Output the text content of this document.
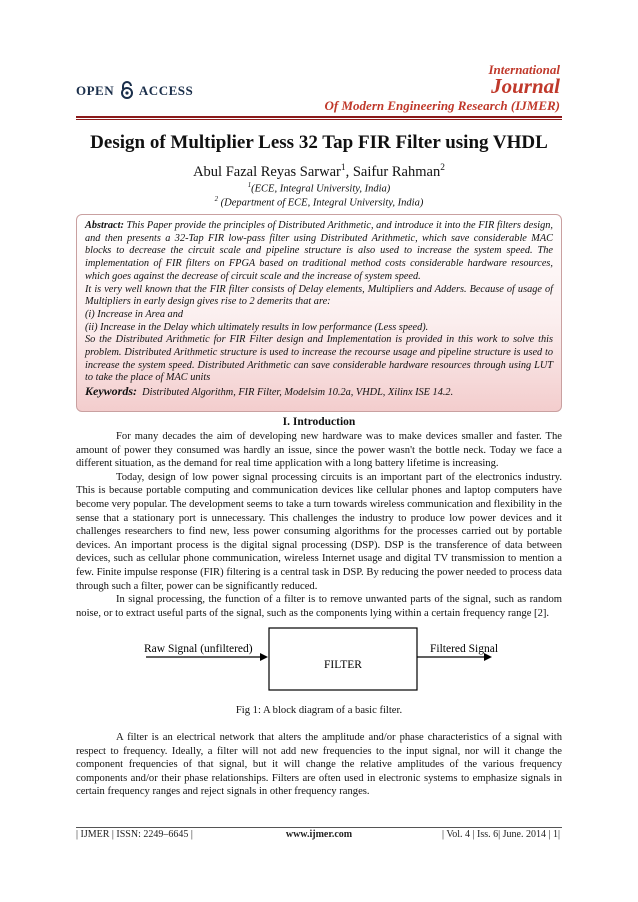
OPEN ACCESS
International
Journal
Of Modern Engineering Research (IJMER)
Design of Multiplier Less 32 Tap FIR Filter using VHDL
Abul Fazal Reyas Sarwar$^1$, Saifur Rahman$^2$
$^1$(ECE, Integral University, India)
$^2$ (Department of ECE, Integral University, India)

Abstract: This Paper provide the principles of Distributed Arithmetic, and introduce it into the FIR filters design, and then presents a 32-Tap FIR low-pass filter using Distributed Arithmetic, which save considerable MAC blocks to decrease the circuit scale and pipeline structure is also used to increase the system speed. The implementation of FIR filters on FPGA based on traditional method costs considerable hardware resources, which goes against the decrease of circuit scale and the increase of system speed.

It is very well known that the FIR filter consists of Delay elements, Multipliers and Adders. Because of usage of Multipliers in early design gives rise to 2 demerits that are:

(i) Increase in Area and

(ii) Increase in the Delay which ultimately results in low performance (Less speed).

So the Distributed Arithmetic for FIR Filter design and Implementation is provided in this work to solve this problem. Distributed Arithmetic structure is used to increase the recourse usage and pipeline structure is used to increase the system speed. Distributed Arithmetic can save considerable hardware resources through using LUT to take the place of MAC units

Keywords: Distributed Algorithm, FIR Filter, Modelsim 10.2a, VHDL, Xilinx ISE 14.2.

I. Introduction

For many decades the aim of developing new hardware was to make devices smaller and faster. The amount of power they consumed was hardly an issue, since the power wasn't the bottle neck. Today we face a different situation, as the demand for real time application with a long battery lifetime is increasing.

Today, design of low power signal processing circuits is an important part of the electronics industry. This is because portable computing and communication devices like cellular phones and laptop computers have become very popular. The development seems to take a turn towards wireless communication and flexibility in the sense that a stationary port is unnecessary. This challenges the industry to produce low power devices and it challenges researchers to find new, less power consuming algorithms for the processes carried out by portable devices. An important process is the digital signal processing (DSP). DSP is the transference of data between devices, such as cellular phone communication, wireless Internet usage and digital TV transmission to mention a few. Finite impulse response (FIR) filtering is a central task in DSP. By reducing the power needed to process data through such a filter, power can be significantly reduced.

In signal processing, the function of a filter is to remove unwanted parts of the signal, such as random noise, or to extract useful parts of the signal, such as the components lying within a certain frequency range [2].

Raw Signal (unfiltered)
FILTER
Filtered Signal
Fig 1: A block diagram of a basic filter.

A filter is an electrical network that alters the amplitude and/or phase characteristics of a signal with respect to frequency. Ideally, a filter will not add new frequencies to the input signal, nor will it change the component frequencies of that signal, but it will change the relative amplitudes of the various frequency components and/or their phase relationships. Filters are often used in electronic systems to emphasize signals in certain frequency ranges and reject signals in other frequency ranges.

| IJMER | ISSN: 2249–6645 |	www.ijmer.com	| Vol. 4 | Iss. 6| June. 2014 | 1|
